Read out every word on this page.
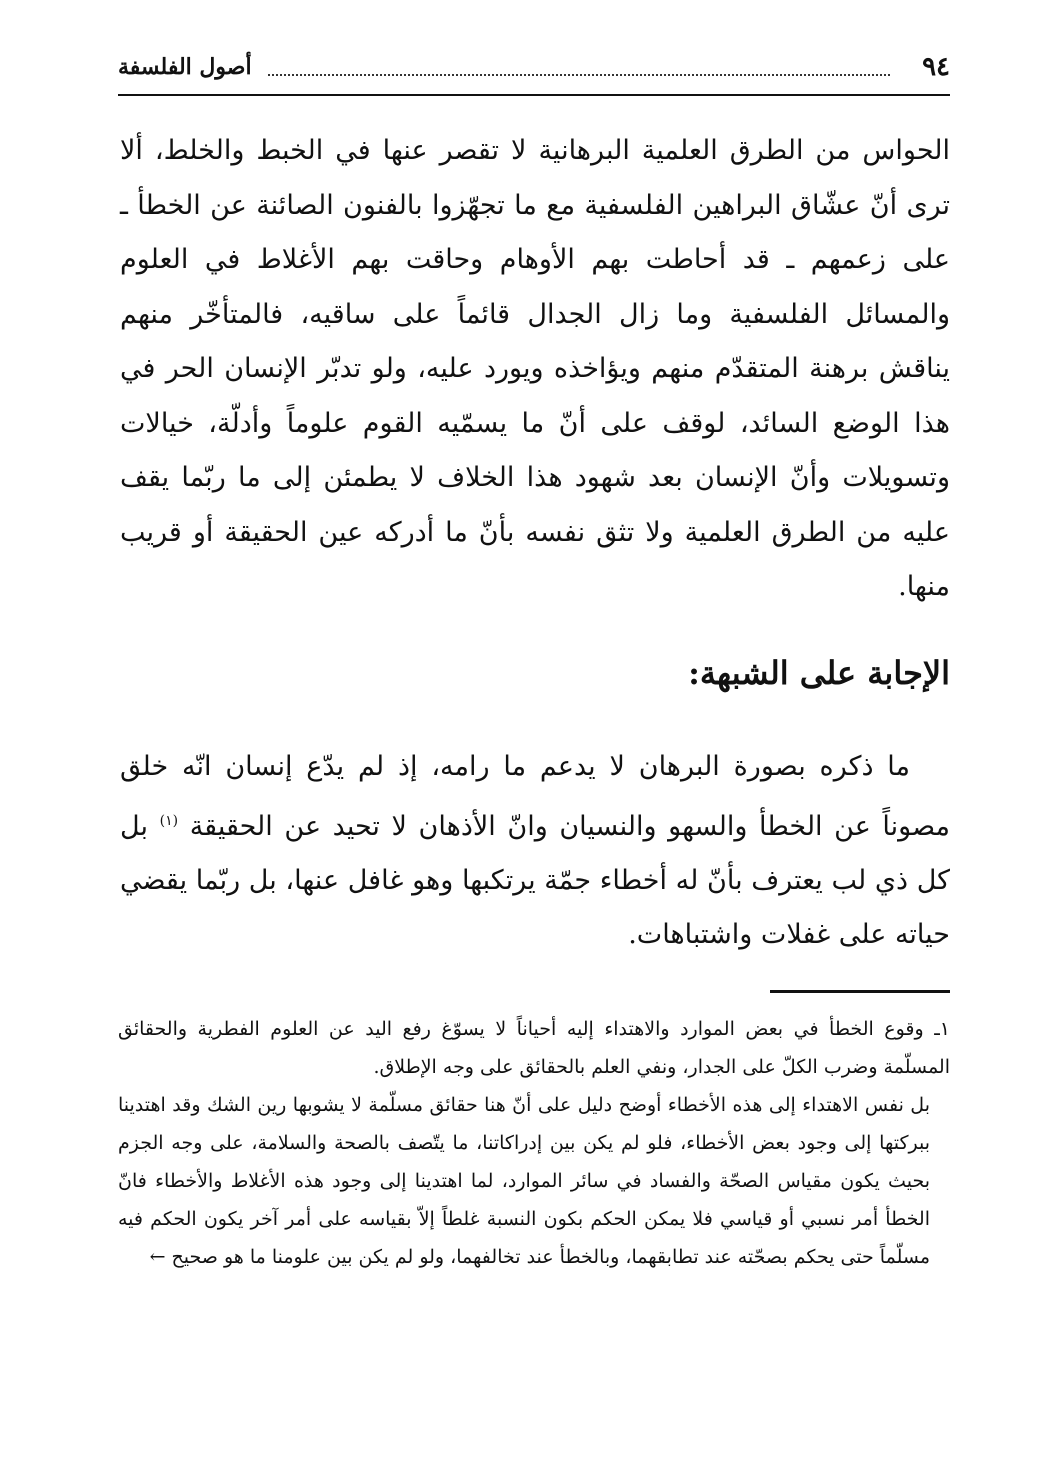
٩٤
أصول الفلسفة

الحواس من الطرق العلمية البرهانية لا تقصر عنها في الخبط والخلط، ألا ترى أنّ عشّاق البراهين الفلسفية مع ما تجهّزوا بالفنون الصائنة عن الخطأ ـ على زعمهم ـ قد أحاطت بهم الأوهام وحاقت بهم الأغلاط في العلوم والمسائل الفلسفية وما زال الجدال قائماً على ساقيه، فالمتأخّر منهم يناقش برهنة المتقدّم منهم ويؤاخذه ويورد عليه، ولو تدبّر الإنسان الحر في هذا الوضع السائد، لوقف على أنّ ما يسمّيه القوم علوماً وأدلّة، خيالات وتسويلات وأنّ الإنسان بعد شهود هذا الخلاف لا يطمئن إلى ما ربّما يقف عليه من الطرق العلمية ولا تثق نفسه بأنّ ما أدركه عين الحقيقة أو قريب منها.

الإجابة على الشبهة:
ما ذكره بصورة البرهان لا يدعم ما رامه، إذ لم يدّع إنسان انّه خلق مصوناً عن الخطأ والسهو والنسيان وانّ الأذهان لا تحيد عن الحقيقة $^{(١)}$ بل كل ذي لب يعترف بأنّ له أخطاء جمّة يرتكبها وهو غافل عنها، بل ربّما يقضي حياته على غفلات واشتباهات.

١ـ وقوع الخطأ في بعض الموارد والاهتداء إليه أحياناً لا يسوّغ رفع اليد عن العلوم الفطرية والحقائق المسلّمة وضرب الكلّ على الجدار، ونفي العلم بالحقائق على وجه الإطلاق.

بل نفس الاهتداء إلى هذه الأخطاء أوضح دليل على أنّ هنا حقائق مسلّمة لا يشوبها رين الشك وقد اهتدينا ببركتها إلى وجود بعض الأخطاء، فلو لم يكن بين إدراكاتنا، ما يتّصف بالصحة والسلامة، على وجه الجزم بحيث يكون مقياس الصحّة والفساد في سائر الموارد، لما اهتدينا إلى وجود هذه الأغلاط والأخطاء فانّ الخطأ أمر نسبي أو قياسي فلا يمكن الحكم بكون النسبة غلطاً إلاّ بقياسه على أمر آخر يكون الحكم فيه مسلّماً حتى يحكم بصحّته عند تطابقهما، وبالخطأ عند تخالفهما، ولو لم يكن بين علومنا ما هو صحيح ←
